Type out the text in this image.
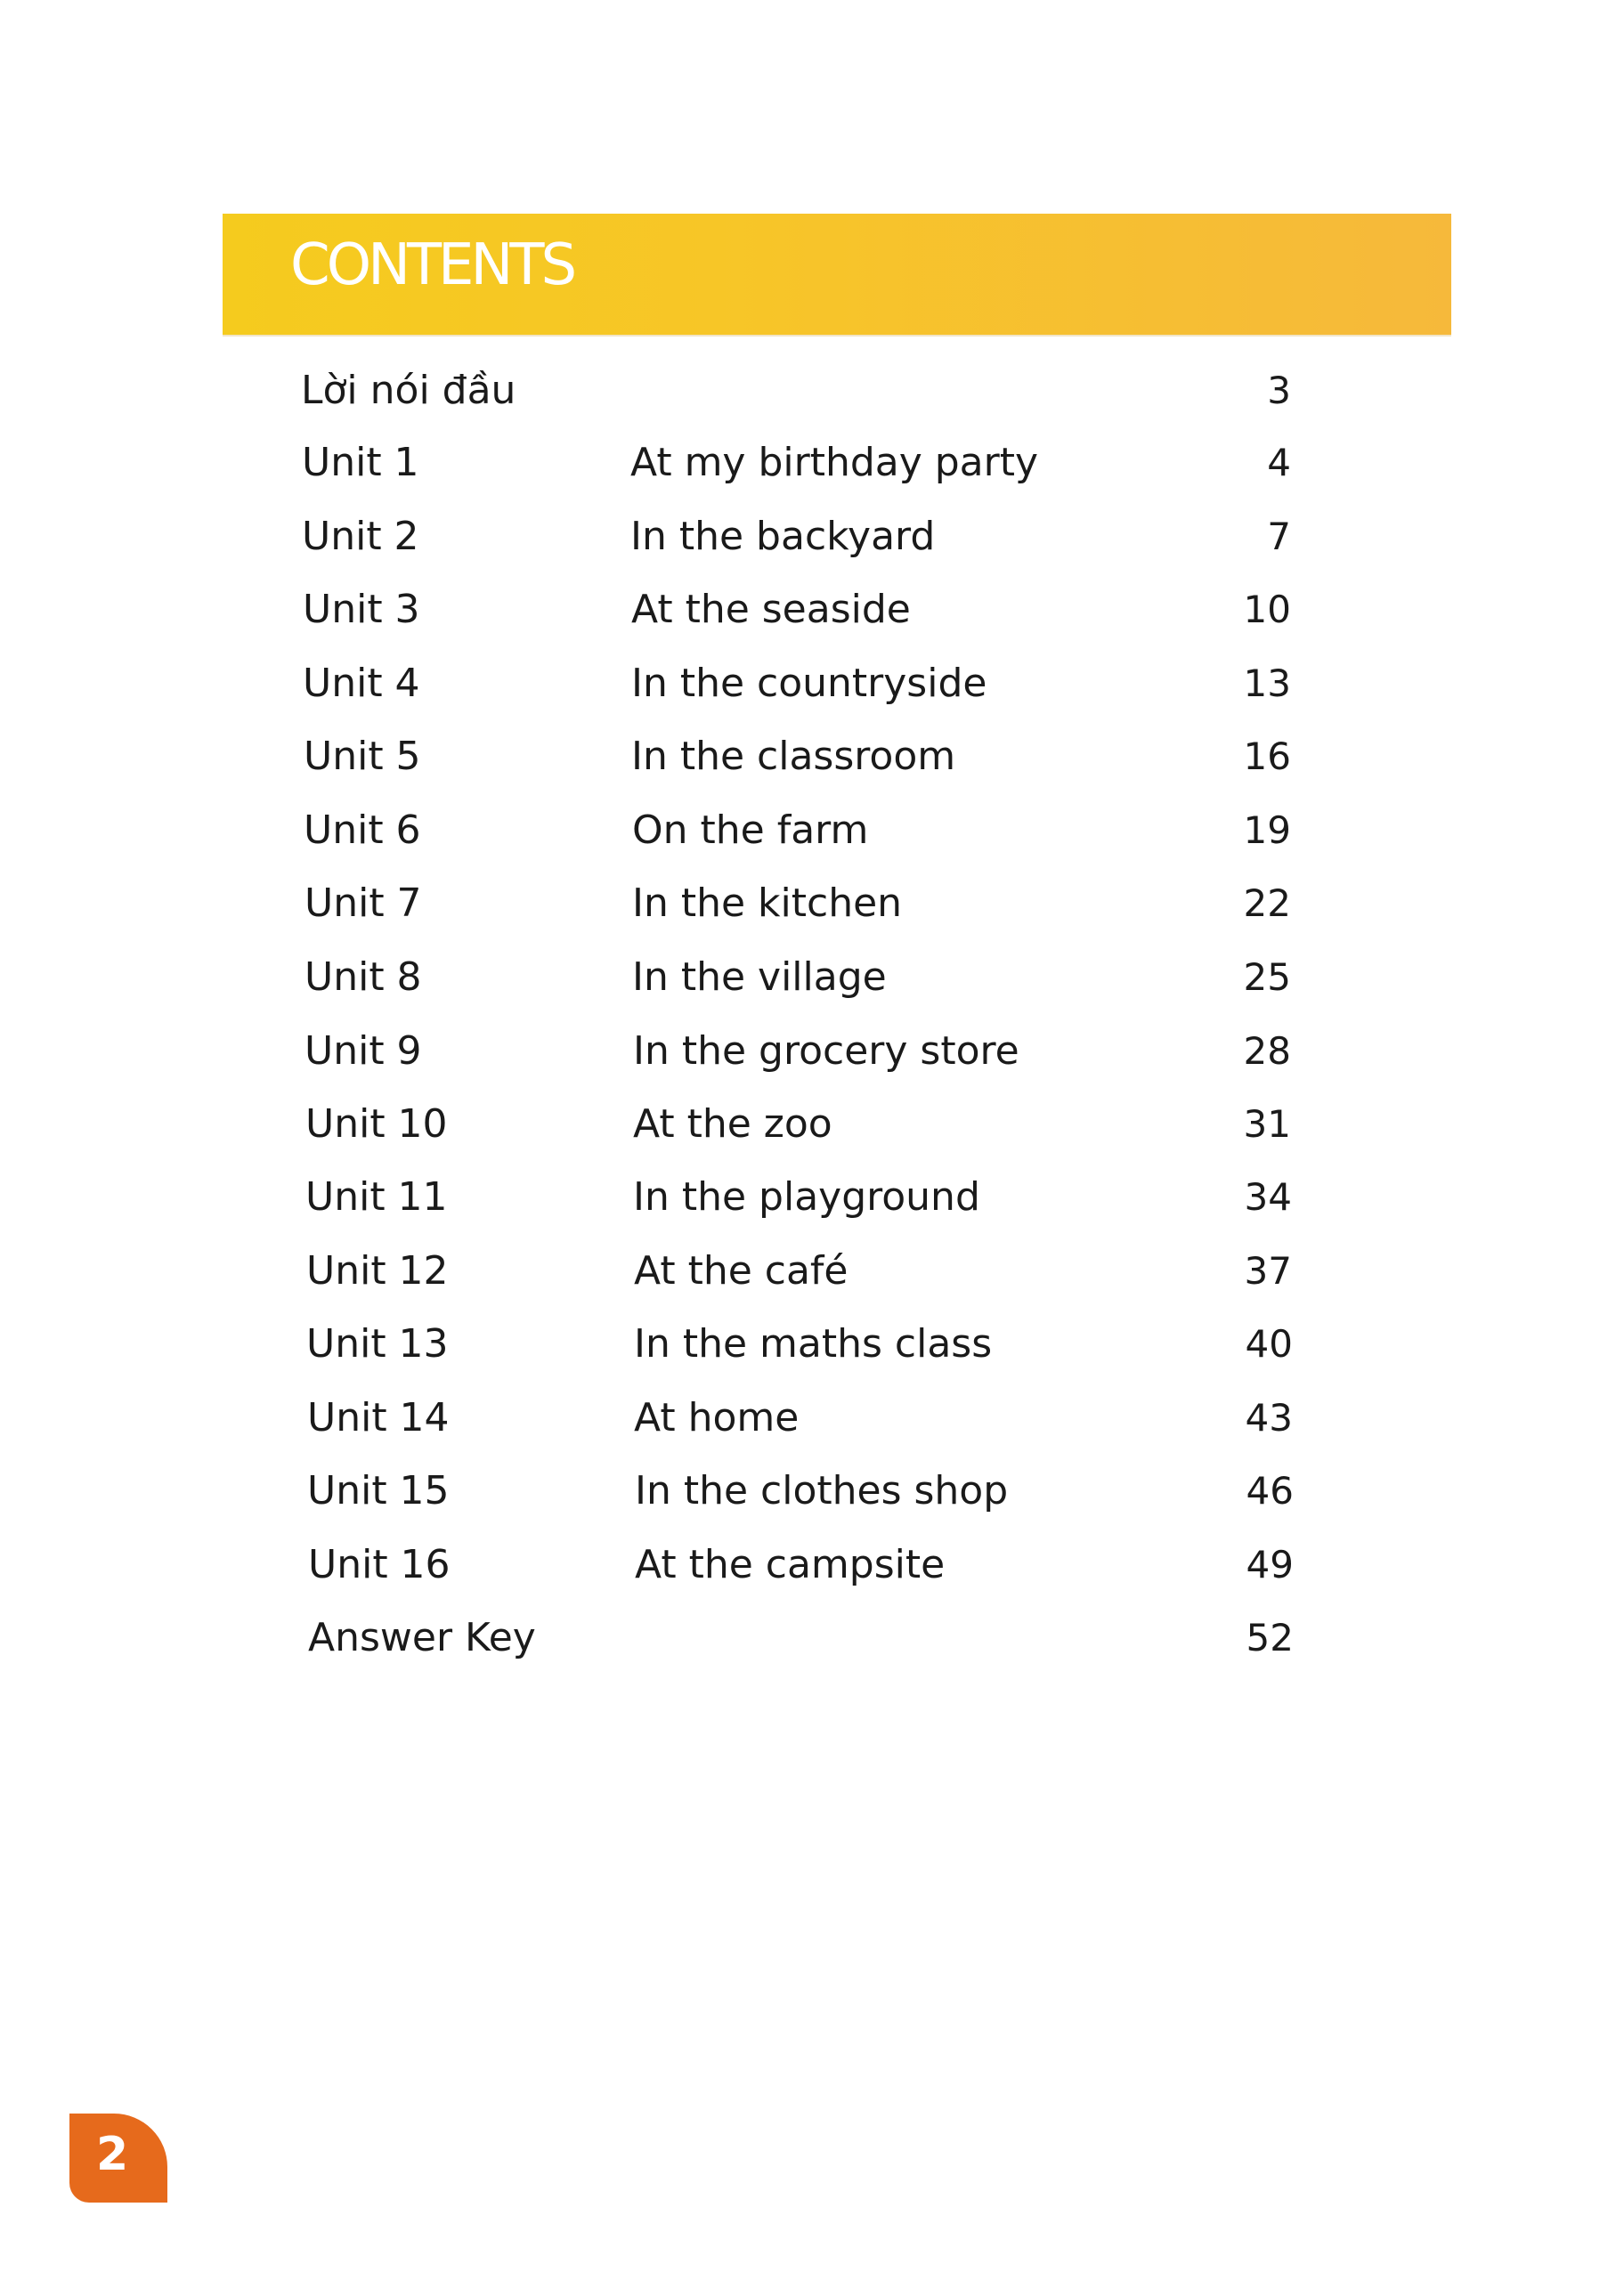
CONTENTS
Lời nói đầu	3
Unit 1	At my birthday party	4
Unit 2	In the backyard	7
Unit 3	At the seaside	10
Unit 4	In the countryside	13
Unit 5	In the classroom	16
Unit 6	On the farm	19
Unit 7	In the kitchen	22
Unit 8	In the village	25
Unit 9	In the grocery store	28
Unit 10	At the zoo	31
Unit 11	In the playground	34
Unit 12	At the café	37
Unit 13	In the maths class	40
Unit 14	At home	43
Unit 15	In the clothes shop	46
Unit 16	At the campsite	49
Answer Key	52
2
